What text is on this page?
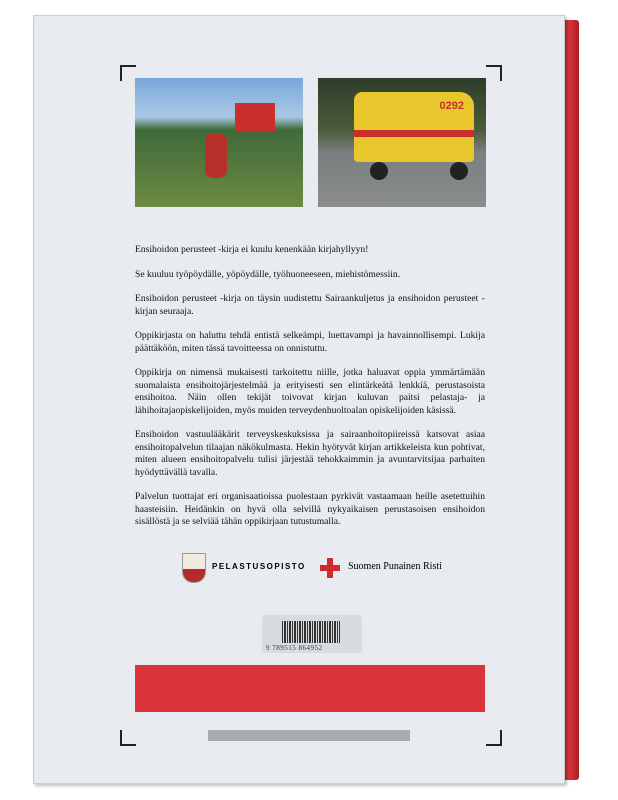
0292

Ensihoidon perusteet -kirja ei kuulu kenenkään kirjahyllyyn!

Se kuuluu työpöydälle, yöpöydälle, työhuoneeseen, miehistömessiin.

Ensihoidon perusteet -kirja on täysin uudistettu Sairaankuljetus ja ensihoidon perusteet -kirjan seuraaja.

Oppikirjasta on haluttu tehdä entistä selkeämpi, luettavampi ja havainnollisempi. Lukija päättäköön, miten tässä tavoitteessa on onnistuttu.

Oppikirja on nimensä mukaisesti tarkoitettu niille, jotka haluavat oppia ymmärtämään suomalaista ensihoitojärjestelmää ja erityisesti sen elintärkeätä lenkkiä, perustasoista ensihoitoa. Näin ollen tekijät toivovat kirjan kuluvan paitsi pelastaja- ja lähihoitajaopiskelijoiden, myös muiden terveydenhuoltoalan opiskelijoiden käsissä.

Ensihoidon vastuulääkärit terveyskeskuksissa ja sairaanhoitopiireissä katsovat asiaa ensihoitopalvelun tilaajan näkökulmasta. Hekin hyötyvät kirjan artikkeleista kun pohtivat, miten alueen ensihoitopalvelu tulisi järjestää tehokkaimmin ja avuntarvitsijaa parhaiten hyödyttävällä tavalla.

Palvelun tuottajat eri organisaatioissa puolestaan pyrkivät vastaamaan heille asetettuihin haasteisiin. Heidänkin on hyvä olla selvillä nykyaikaisen perustasoisen ensihoidon sisällöstä ja se selviää tähän oppikirjaan tutustumalla.

PELASTUSOPISTO	Suomen Punainen Risti
9 789515 864952
